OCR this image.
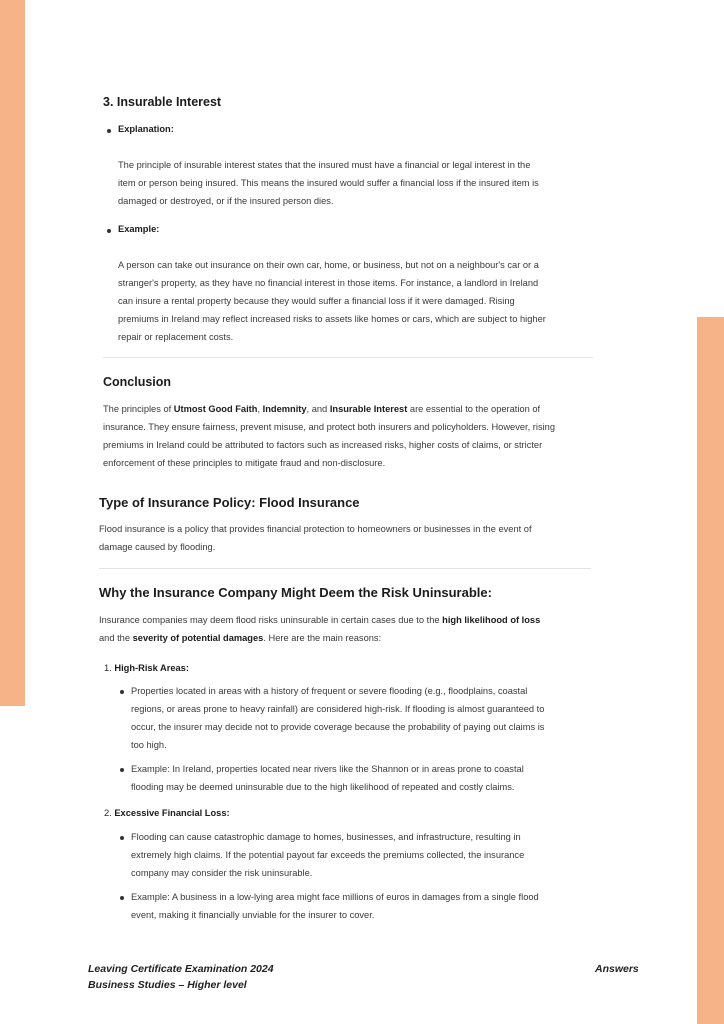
3. Insurable Interest
Explanation:
The principle of insurable interest states that the insured must have a financial or legal interest in the
item or person being insured. This means the insured would suffer a financial loss if the insured item is
damaged or destroyed, or if the insured person dies.
Example:
A person can take out insurance on their own car, home, or business, but not on a neighbour's car or a
stranger's property, as they have no financial interest in those items. For instance, a landlord in Ireland
can insure a rental property because they would suffer a financial loss if it were damaged. Rising
premiums in Ireland may reflect increased risks to assets like homes or cars, which are subject to higher
repair or replacement costs.
Conclusion
The principles of Utmost Good Faith, Indemnity, and Insurable Interest are essential to the operation of
insurance. They ensure fairness, prevent misuse, and protect both insurers and policyholders. However, rising
premiums in Ireland could be attributed to factors such as increased risks, higher costs of claims, or stricter
enforcement of these principles to mitigate fraud and non-disclosure.
Type of Insurance Policy: Flood Insurance
Flood insurance is a policy that provides financial protection to homeowners or businesses in the event of
damage caused by flooding.
Why the Insurance Company Might Deem the Risk Uninsurable:
Insurance companies may deem flood risks uninsurable in certain cases due to the high likelihood of loss
and the severity of potential damages. Here are the main reasons:
1. High-Risk Areas:
Properties located in areas with a history of frequent or severe flooding (e.g., floodplains, coastal
regions, or areas prone to heavy rainfall) are considered high-risk. If flooding is almost guaranteed to
occur, the insurer may decide not to provide coverage because the probability of paying out claims is
too high.
Example: In Ireland, properties located near rivers like the Shannon or in areas prone to coastal
flooding may be deemed uninsurable due to the high likelihood of repeated and costly claims.
2. Excessive Financial Loss:
Flooding can cause catastrophic damage to homes, businesses, and infrastructure, resulting in
extremely high claims. If the potential payout far exceeds the premiums collected, the insurance
company may consider the risk uninsurable.
Example: A business in a low-lying area might face millions of euros in damages from a single flood
event, making it financially unviable for the insurer to cover.
Leaving Certificate Examination 2024
Business Studies – Higher level
Answers
